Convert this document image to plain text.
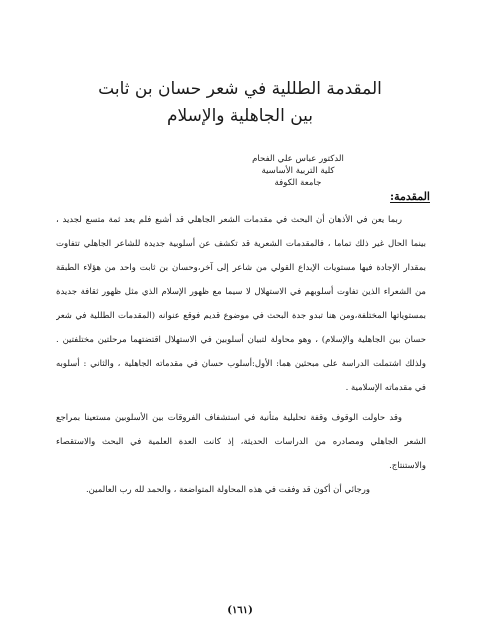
المقدمة الطللية في شعر حسان بن ثابت
بين الجاهلية والإسلام
الدكتور عباس علي الفحام
كلية التربية الأساسية
جامعة الكوفة
المقدمة:
ربما يعن في الأذهان أن البحث في مقدمات الشعر الجاهلي قد أشبع فلم يعد ثمة متسع لجديد ،
بينما الحال غير ذلك تماما ، فالمقدمات الشعرية قد تكشف عن أسلوبية جديدة للشاعر الجاهلي تتفاوت
بمقدار الإجادة فيها مستويات الإبداع القولي من شاعر إلى آخر،وحسان بن ثابت واحد من هؤلاء الطبقة
من الشعراء الذين تفاوت أسلوبهم في الاستهلال لا سيما مع ظهور الإسلام الذي مثل ظهور ثقافة جديدة
بمستوياتها المختلفة،ومن هنا تبدو جدة البحث في موضوع قديم فوقع عنوانه (المقدمات الطللية في شعر
حسان بين الجاهلية والإسلام) ، وهو محاولة لتبيان أسلوبين في الاستهلال اقتضتهما مرحلتين مختلفتين .
ولذلك اشتملت الدراسة على مبحثين هما: الأول:أسلوب حسان في مقدماته الجاهلية ، والثاني : أسلوبه
في مقدماته الإسلامية .
وقد حاولت الوقوف وقفة تحليلية متأنية في استشفاف الفروقات بين الأسلوبين مستعينا بمراجع
الشعر الجاهلي ومصادره من الدراسات الحديثة، إذ كانت العدة العلمية في البحث والاستقصاء
والاستنتاج.
ورجائي أن أكون قد وفقت في هذه المحاولة المتواضعة ، والحمد لله رب العالمين.
(١٦١)
